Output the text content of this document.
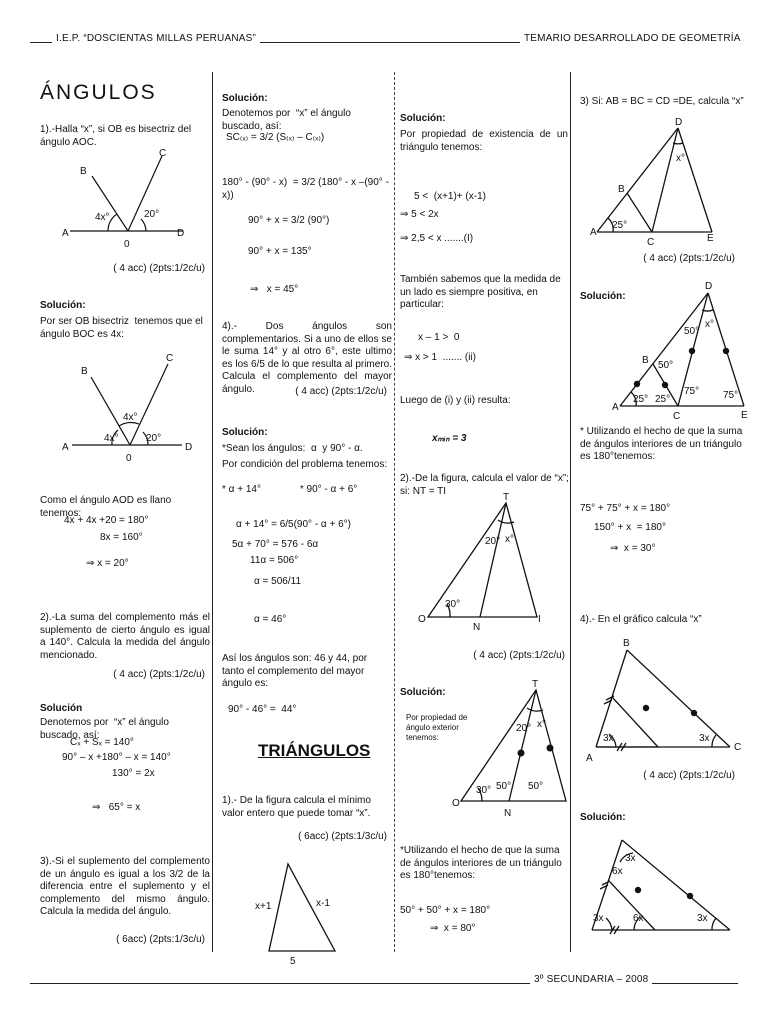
I.E.P. “DOSCIENTAS MILLAS PERUANAS”	TEMARIO DESARROLLADO DE GEOMETRÍA
3º SECUNDARIA – 2008
ÁNGULOS
1).-Halla “x”, si OB es bisectriz del ángulo AOC.
( 4 acc) (2pts:1/2c/u)
Solución:
Por ser OB bisectriz  tenemos que el ángulo BOC es 4x:
Como el ángulo AOD es llano tenemos:
4x + 4x +20 = 180°
8x = 160°
⇒ x = 20°
2).-La suma del complemento más el suplemento de cierto ángulo es igual a 140°. Calcula la medida del ángulo mencionado.
( 4 acc) (2pts:1/2c/u)
Solución
Denotemos por  “x” el ángulo buscado, así:
Cₓ + Sₓ = 140°
90° – x +180° – x = 140°
130° = 2x
⇒   65° = x
3).-Si el suplemento del complemento de un ángulo es igual a los 3/2 de la diferencia entre el suplemento y el complemento del mismo ángulo. Calcula la medida del ángulo.
( 6acc) (2pts:1/3c/u)
Solución:
Denotemos por  “x” el ángulo buscado, así:
SC₍ₓ₎ = 3/2 (S₍ₓ₎ – C₍ₓ₎)
180° - (90° - x)  = 3/2 (180° - x –(90° - x))
90° + x = 3/2 (90°)
90° + x = 135°
⇒   x = 45°
4).- Dos ángulos son complementarios. Si a uno de ellos se le suma 14° y al otro 6°, este ultimo es los 6/5 de lo que resulta al primero. Calcula el complemento del mayor ángulo.	( 4 acc) (2pts:1/2c/u)
Solución:
*Sean los ángulos:  α  y 90° - α.
Por condición del problema tenemos:
* α + 14°              * 90° - α + 6°
α + 14° = 6/5(90° - α + 6°)
5α + 70° = 576 - 6α
11α = 506°
α = 506/11
α = 46°
Así los ángulos son: 46 y 44, por tanto el complemento del mayor ángulo es:
90° - 46° =  44°
TRIÁNGULOS
1).- De la figura calcula el mínimo valor entero que puede tomar “x”.
( 6acc) (2pts:1/3c/u)
Solución:
Por propiedad de existencia de un triángulo tenemos:
5 <  (x+1)+ (x-1)
⇒ 5 < 2x
⇒ 2,5 < x .......(I)
También sabemos que la medida de un lado es siempre positiva, en particular:
x – 1 >  0
⇒ x > 1  ....... (ii)
Luego de (i) y (ii) resulta:
xₘᵢₙ = 3
2).-De la figura, calcula el valor de “x”; si: NT = TI
( 4 acc) (2pts:1/2c/u)
Solución:
Por propiedad de ángulo exterior tenemos:
*Utilizando el hecho de que la suma de ángulos interiores de un triángulo es 180°tenemos:
50° + 50° + x = 180°
⇒  x = 80°
3) Si: AB = BC = CD =DE, calcula “x”
( 4 acc) (2pts:1/2c/u)
Solución:
* Utilizando el hecho de que la suma de ángulos interiores de un triángulo es 180°tenemos:
75° + 75° + x = 180°
150° + x  = 180°
⇒  x = 30°
4).- En el gráfico calcula “x”
( 4 acc) (2pts:1/2c/u)
Solución:
A
B
C
0
D
4x°	20°
A
B
C
0
D
4x°
4x°
20°
x+1	x-1
5
T
O
N
I
30°
20° x°
T
O
N
30° 50° 50°
20° x°
A
B
C
D
E
25°
x°
A
B
C
D
E
25° 25°
50°
50°
75° 75°
x°
A
B
C
3x	3x
3x
6x
3x	6x	3x
